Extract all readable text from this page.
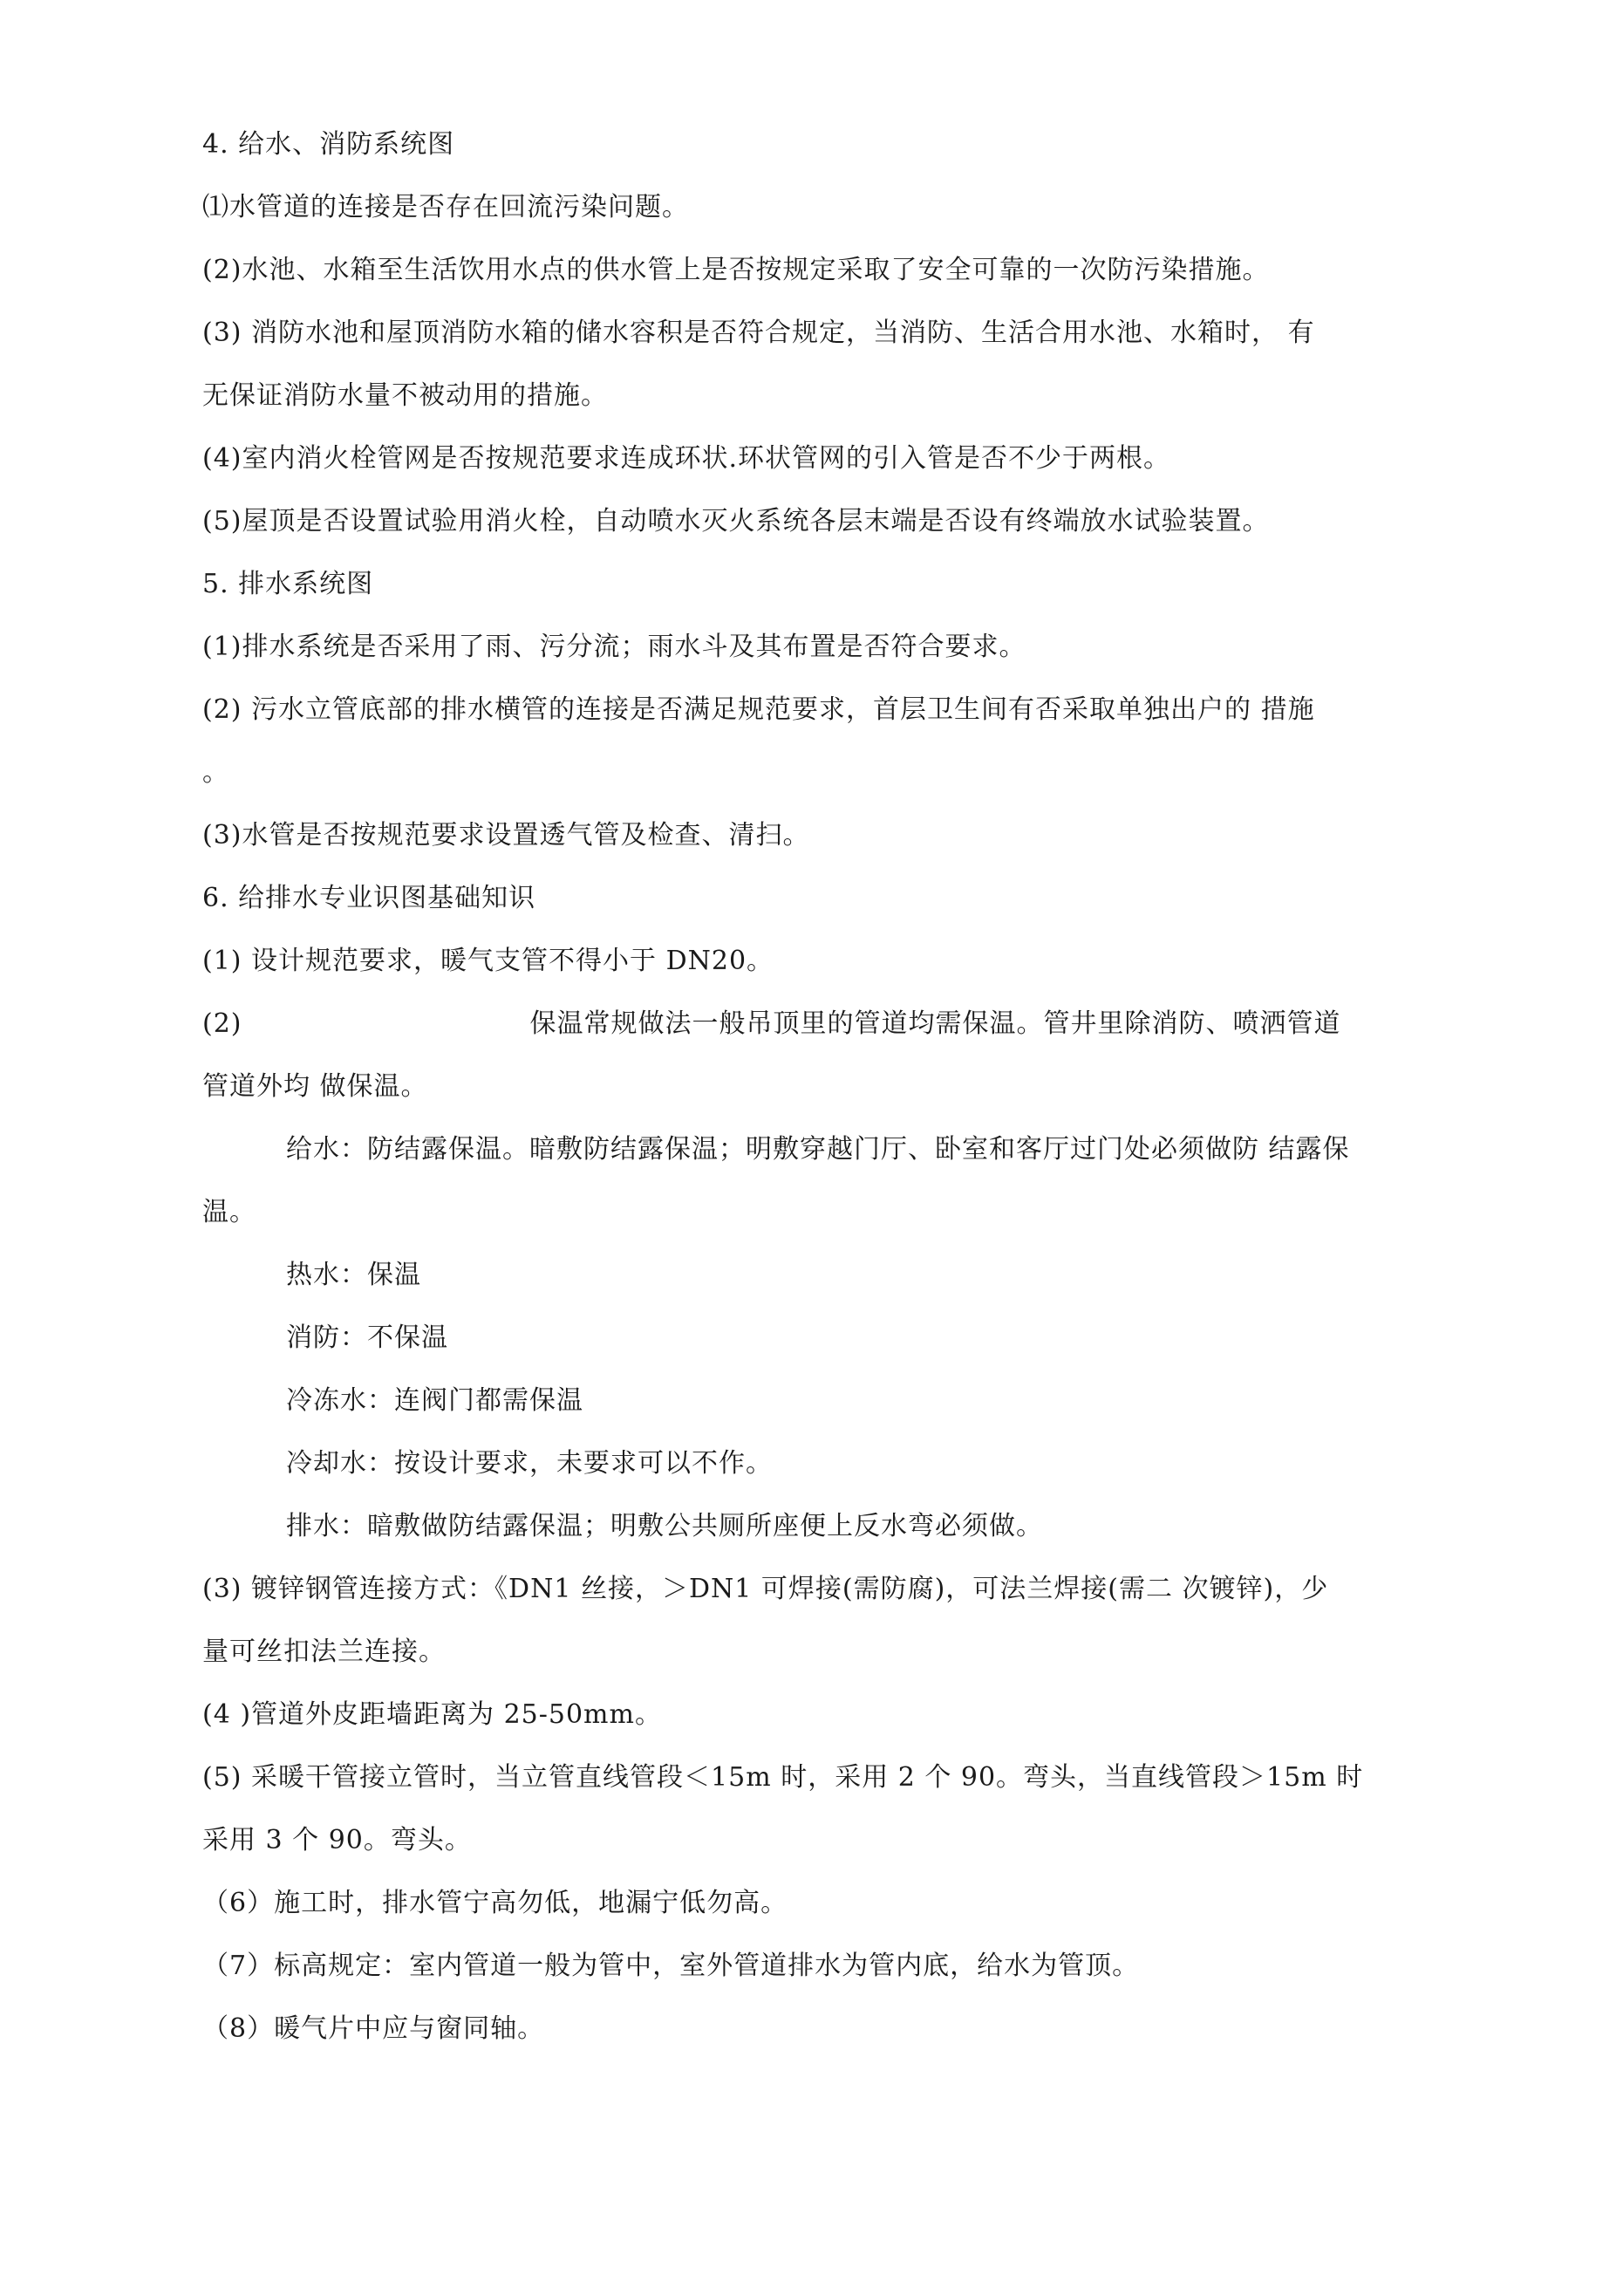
4. 给水、消防系统图
⑴水管道的连接是否存在回流污染问题。
(2)水池、水箱至生活饮用水点的供水管上是否按规定采取了安全可靠的一次防污染措施。
(3) 消防水池和屋顶消防水箱的储水容积是否符合规定，当消防、生活合用水池、水箱时， 有
无保证消防水量不被动用的措施。
(4)室内消火栓管网是否按规范要求连成环状.环状管网的引入管是否不少于两根。
(5)屋顶是否设置试验用消火栓，自动喷水灭火系统各层末端是否设有终端放水试验装置。
5. 排水系统图
(1)排水系统是否采用了雨、污分流；雨水斗及其布置是否符合要求。
(2) 污水立管底部的排水横管的连接是否满足规范要求，首层卫生间有否采取单独出户的 措施
。
(3)水管是否按规范要求设置透气管及检查、清扫。
6. 给排水专业识图基础知识
(1) 设计规范要求，暖气支管不得小于 DN20。
(2)	保温常规做法一般吊顶里的管道均需保温。管井里除消防、喷洒管道
管道外均 做保温。
给水：防结露保温。暗敷防结露保温；明敷穿越门厅、卧室和客厅过门处必须做防 结露保
温。
热水：保温
消防：不保温
冷冻水：连阀门都需保温
冷却水：按设计要求，未要求可以不作。
排水：暗敷做防结露保温；明敷公共厕所座便上反水弯必须做。
(3) 镀锌钢管连接方式：《DN1 丝接，＞DN1 可焊接(需防腐)，可法兰焊接(需二 次镀锌)，少
量可丝扣法兰连接。
(4 )管道外皮距墙距离为 25-50mm。
(5) 采暖干管接立管时，当立管直线管段＜15m 时，采用 2 个 90。弯头，当直线管段＞15m 时
采用 3 个 90。弯头。
（6）施工时，排水管宁高勿低，地漏宁低勿高。
（7）标高规定：室内管道一般为管中，室外管道排水为管内底，给水为管顶。
（8）暖气片中应与窗同轴。
